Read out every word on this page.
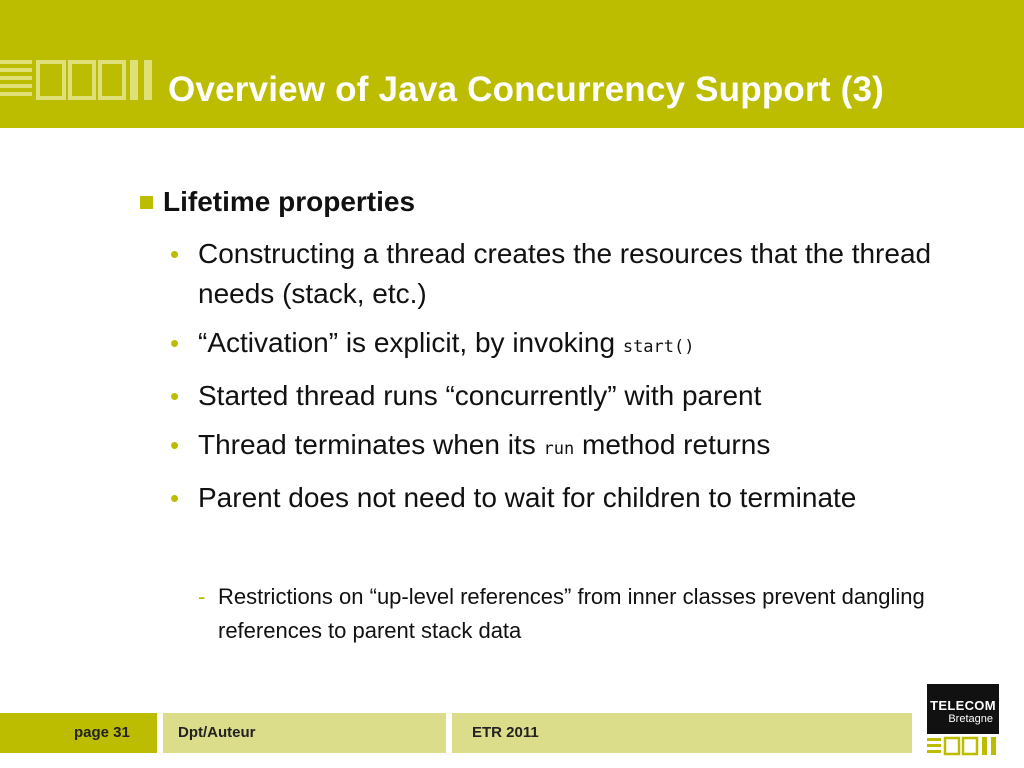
Overview of Java Concurrency Support (3)
Lifetime properties
• Constructing a thread creates the resources that the thread needs (stack, etc.)
• “Activation” is explicit, by invoking start()
• Started thread runs “concurrently” with parent
• Thread terminates when its run method returns
• Parent does not need to wait for children to terminate
- Restrictions on “up-level references” from inner classes prevent dangling references to parent stack data
page 31	Dpt/Auteur	ETR 2011
TELECOM
Bretagne
